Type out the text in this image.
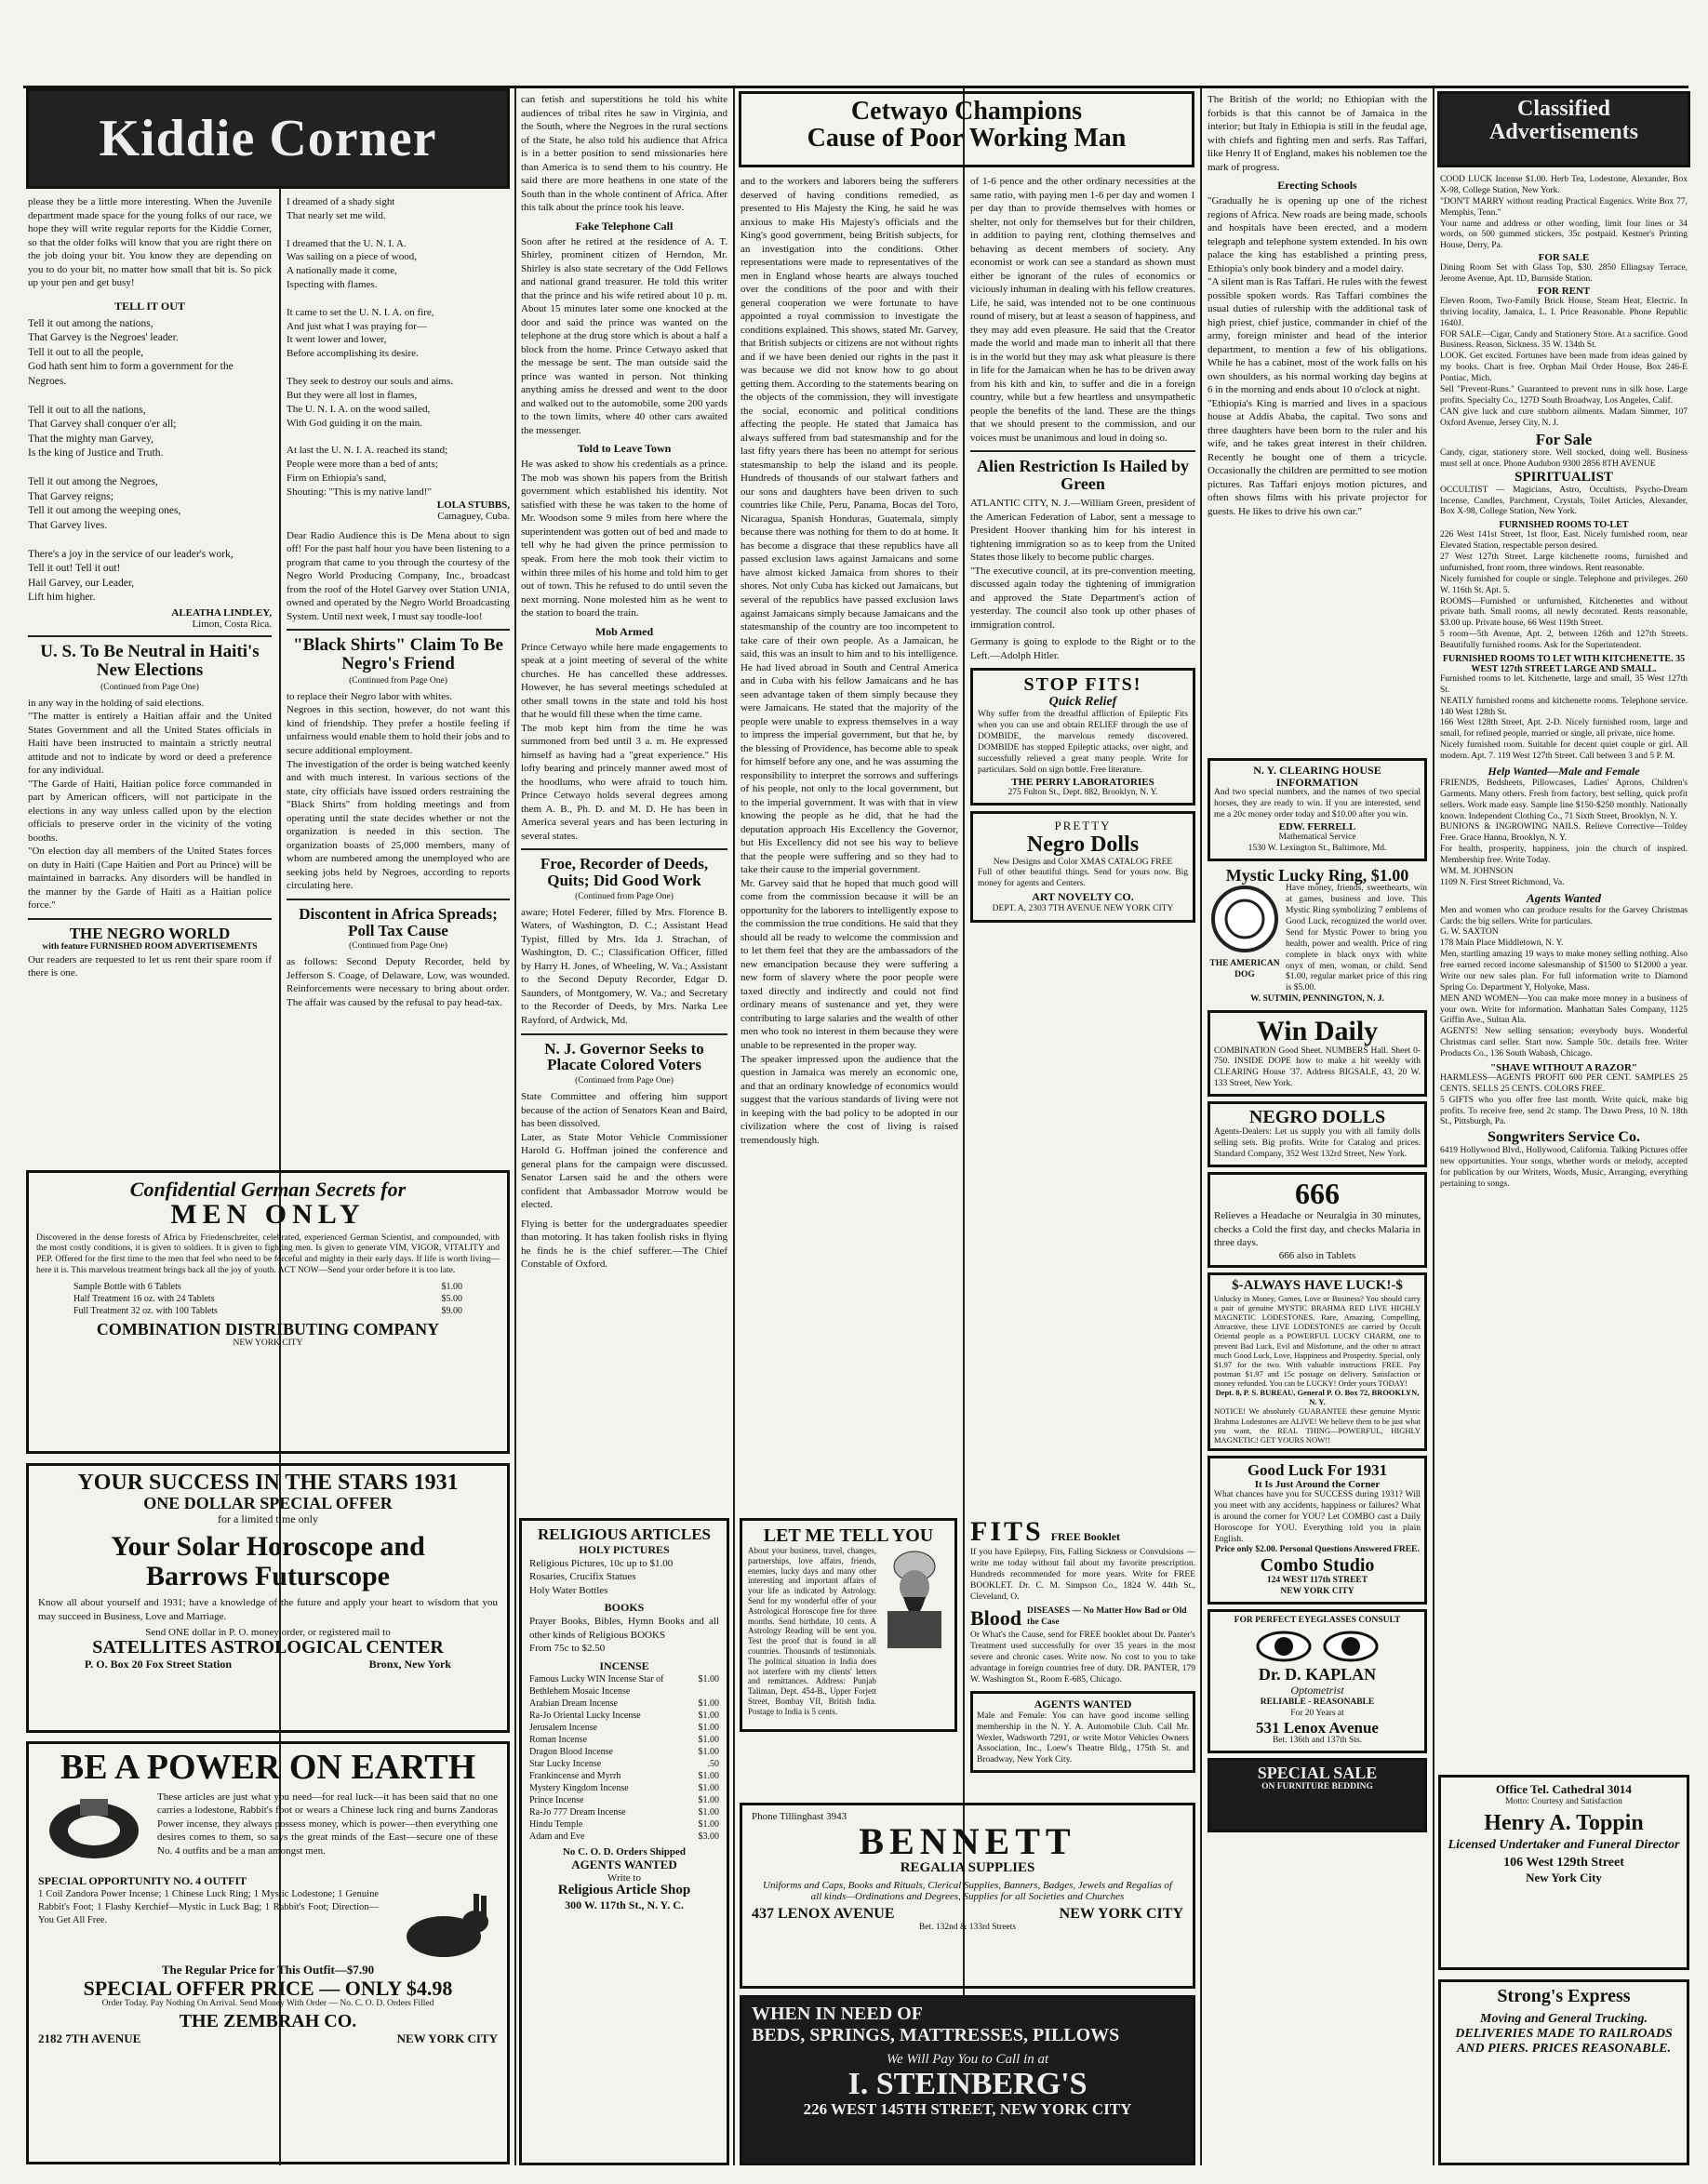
Kiddie Corner
please they be a little more interesting. When the Juvenile department made space for the young folks of our race, we hope they will write regular reports for the Kiddie Corner, so that the older folks will know that you are right there on the job doing your bit. You know they are depending on you to do your bit, no matter how small that bit is. So pick up your pen and get busy!
TELL IT OUT
Tell it out among the nations,
That Garvey is the Negroes' leader.
Tell it out to all the people,
God hath sent him to form a government for the Negroes.

Tell it out to all the nations,
That Garvey shall conquer o'er all;
That the mighty man Garvey,
Is the king of Justice and Truth.

Tell it out among the Negroes,
That Garvey reigns;
Tell it out among the weeping ones,
That Garvey lives.

There's a joy in the service of our leader's work,
Tell it out! Tell it out!
Hail Garvey, our Leader,
Lift him higher.
ALEATHA LINDLEY,
Limon, Costa Rica.
U. S. To Be Neutral in Haiti's New Elections
(Continued from Page One)
in any way in the holding of said elections.
"The matter is entirely a Haitian affair and the United States Government and all the United States officials in Haiti have been instructed to maintain a strictly neutral attitude and not to indicate by word or deed a preference for any individual.
"The Garde of Haiti, Haitian police force commanded in part by American officers, will not participate in the elections in any way unless called upon by the election officials to preserve order in the vicinity of the voting booths.
"On election day all members of the United States forces on duty in Haiti (Cape Haitien and Port au Prince) will be maintained in barracks. Any disorders will be handled in the manner by the Garde of Haiti as a Haitian police force."
THE NEGRO WORLD
with feature FURNISHED ROOM ADVERTISEMENTS
Our readers are requested to let us rent their spare room if there is one.
I dreamed of a shady sight
That nearly set me wild.

I dreamed that the U. N. I. A.
Was sailing on a piece of wood,
A nationally made it come,
Ispecting with flames.

It came to set the U. N. I. A. on fire,
And just what I was praying for—
It went lower and lower,
Before accomplishing its desire.

They seek to destroy our souls and aims.
But they were all lost in flames,
The U. N. I. A. on the wood sailed,
With God guiding it on the main.

At last the U. N. I. A. reached its stand;
People were more than a bed of ants;
Firm on Ethiopia's sand,
Shouting: "This is my native land!"
LOLA STUBBS,
Camaguey, Cuba.
Dear Radio Audience this is De Mena about to sign off! For the past half hour you have been listening to a program that came to you through the courtesy of the Negro World Producing Company, Inc., broadcast from the roof of the Hotel Garvey over Station UNIA, owned and operated by the Negro World Broadcasting System. Until next week, I must say toodle-loo!
"Black Shirts" Claim To Be Negro's Friend
(Continued from Page One)
to replace their Negro labor with whites.
Negroes in this section, however, do not want this kind of friendship. They prefer a hostile feeling if unfairness would enable them to hold their jobs and to secure additional employment.
The investigation of the order is being watched keenly and with much interest. In various sections of the state, city officials have issued orders restraining the "Black Shirts" from holding meetings and from operating until the state decides whether or not the organization is needed in this section. The organization boasts of 25,000 members, many of whom are numbered among the unemployed who are seeking jobs held by Negroes, according to reports circulating here.
Discontent in Africa Spreads; Poll Tax Cause
(Continued from Page One)
as follows: Second Deputy Recorder, held by Jefferson S. Coage, of Delaware, Low, was wounded. Reinforcements were necessary to bring about order. The affair was caused by the refusal to pay head-tax.
Confidential German Secrets for
MEN ONLY
Discovered in the dense forests of Africa by Friedenschreiter, celebrated, experienced German Scientist, and compounded, with the most costly conditions, it is given to soldiers. It is given to fighting men. Is given to generate VIM, VIGOR, VITALITY and PEP. Offered for the first time to the men that feel who need to be forceful and mighty in their early days. If life is worth living—here it is. This marvelous treatment brings back all the joy of youth. ACT NOW—Send your order before it is too late.
Sample Bottle with 6 Tablets	$1.00
Half Treatment 16 oz. with 24 Tablets	$5.00
Full Treatment 32 oz. with 100 Tablets	$9.00
COMBINATION DISTRIBUTING COMPANY
NEW YORK CITY
YOUR SUCCESS IN THE STARS 1931
ONE DOLLAR SPECIAL OFFER
for a limited time only
Your Solar Horoscope and Barrows Futurscope
Know all about yourself and 1931; have a knowledge of the future and apply your heart to wisdom that you may succeed in Business, Love and Marriage.
Send ONE dollar in P. O. money order, or registered mail to
SATELLITES ASTROLOGICAL CENTER
P. O. Box 20 Fox Street Station	Bronx, New York
BE A POWER ON EARTH
These articles are just what you need—for real luck—it has been said that no one carries a lodestone, Rabbit's foot or wears a Chinese luck ring and burns Zandoras Power incense, they always possess money, which is power—then everything one desires comes to them, so says the great minds of the East—secure one of these No. 4 outfits and be a man amongst men.
SPECIAL OPPORTUNITY NO. 4 OUTFIT
1 Coil Zandora Power Incense; 1 Chinese Luck Ring; 1 Mystic Lodestone; 1 Genuine Rabbit's Foot; 1 Flashy Kerchief—Mystic in Luck Bag; 1 Rabbit's Foot; Direction—You Get All Free.
The Regular Price for This Outfit—$7.90
SPECIAL OFFER PRICE — ONLY $4.98
Order Today. Pay Nothing On Arrival. Send Money With Order — No. C. O. D. Orders Filled
THE ZEMBRAH CO.
2182 7TH AVENUE	NEW YORK CITY
can fetish and superstitions he told his white audiences of tribal rites he saw in Virginia, and the South, where the Negroes in the rural sections of the State, he also told his audience that Africa is in a better position to send missionaries here than America is to send them to his country. He said there are more heathens in one state of the South than in the whole continent of Africa. After this talk about the prince took his leave.
Fake Telephone Call
Soon after he retired at the residence of A. T. Shirley, prominent citizen of Herndon, Mr. Shirley is also state secretary of the Odd Fellows and national grand treasurer. He told this writer that the prince and his wife retired about 10 p. m. About 15 minutes later some one knocked at the door and said the prince was wanted on the telephone at the drug store which is about a half a block from the home. Prince Cetwayo asked that the message be sent. The man outside said the prince was wanted in person. Not thinking anything amiss he dressed and went to the door and walked out to the automobile, some 200 yards to the town limits, where 40 other cars awaited the messenger.
Told to Leave Town
He was asked to show his credentials as a prince. The mob was shown his papers from the British government which established his identity. Not satisfied with these he was taken to the home of Mr. Woodson some 9 miles from here where the superintendent was gotten out of bed and made to tell why he had given the prince permission to speak. From here the mob took their victim to within three miles of his home and told him to get out of town. This he refused to do until seven the next morning. None molested him as he went to the station to board the train.
Mob Armed
Prince Cetwayo while here made engagements to speak at a joint meeting of several of the white churches. He has cancelled these addresses. However, he has several meetings scheduled at other small towns in the state and told his host that he would fill these when the time came.
The mob kept him from the time he was summoned from bed until 3 a. m. He expressed himself as having had a "great experience." His lofty bearing and princely manner awed most of the hoodlums, who were afraid to touch him. Prince Cetwayo holds several degrees among them A. B., Ph. D. and M. D. He has been in America several years and has been lecturing in several states.
Froe, Recorder of Deeds, Quits; Did Good Work
(Continued from Page One)
aware; Hotel Federer, filled by Mrs. Florence B. Waters, of Washington, D. C.; Assistant Head Typist, filled by Mrs. Ida J. Strachan, of Washington, D. C.; Classification Officer, filled by Harry H. Jones, of Wheeling, W. Va.; Assistant to the Second Deputy Recorder, Edgar D. Saunders, of Montgomery, W. Va.; and Secretary to the Recorder of Deeds, by Mrs. Narka Lee Rayford, of Ardwick, Md.
N. J. Governor Seeks to Placate Colored Voters
(Continued from Page One)
State Committee and offering him support because of the action of Senators Kean and Baird, has been dissolved.
Later, as State Motor Vehicle Commissioner Harold G. Hoffman joined the conference and general plans for the campaign were discussed. Senator Larsen said he and the others were confident that Ambassador Morrow would be elected.
Flying is better for the undergraduates speedier than motoring. It has taken foolish risks in flying he finds he is the chief sufferer.—The Chief Constable of Oxford.
RELIGIOUS ARTICLES
HOLY PICTURES
Religious Pictures, 10c up to $1.00
Rosaries, Crucifix Statues
Holy Water Bottles
BOOKS
Prayer Books, Bibles, Hymn Books and all other kinds of Religious BOOKS
From 75c to $2.50
INCENSE
Famous Lucky WIN Incense Star of Bethlehem Mosaic Incense
$1.00
Arabian Dream Incense	$1.00
Ra-Jo Oriental Lucky Incense	$1.00
Jerusalem Incense	$1.00
Roman Incense	$1.00
Dragon Blood Incense	$1.00
Star Lucky Incense	.50
Frankincense and Myrrh	$1.00
Mystery Kingdom Incense	$1.00
Prince Incense	$1.00
Ra-Jo 777 Dream Incense	$1.00
Hindu Temple	$1.00
Adam and Eve	$3.00
No C. O. D. Orders Shipped
AGENTS WANTED
Write to
Religious Article Shop
300 W. 117th St., N. Y. C.
Cetwayo Champions
Cause of Poor Working Man
and to the workers and laborers being the sufferers deserved of having conditions remedied, as presented to His Majesty the King, he said he was anxious to make His Majesty's officials and the King's good government, being British subjects, for an investigation into the conditions. Other representations were made to representatives of the men in England whose hearts are always touched over the conditions of the poor and with their general cooperation we were fortunate to have appointed a royal commission to investigate the conditions explained. This shows, stated Mr. Garvey, that British subjects or citizens are not without rights and if we have been denied our rights in the past it was because we did not know how to go about getting them. According to the statements bearing on the objects of the commission, they will investigate the social, economic and political conditions affecting the people. He stated that Jamaica has always suffered from bad statesmanship and for the last fifty years there has been no attempt for serious statesmanship to help the island and its people. Hundreds of thousands of our stalwart fathers and our sons and daughters have been driven to such countries like Chile, Peru, Panama, Bocas del Toro, Nicaragua, Spanish Honduras, Guatemala, simply because there was nothing for them to do at home. It has become a disgrace that these republics have all passed exclusion laws against Jamaicans and some have almost kicked Jamaica from shores to their shores. Not only Cuba has kicked out Jamaicans, but several of the republics have passed exclusion laws against Jamaicans simply because Jamaicans and the statesmanship of the country are too incompetent to take care of their own people. As a Jamaican, he said, this was an insult to him and to his intelligence. He had lived abroad in South and Central America and in Cuba with his fellow Jamaicans and he has seen advantage taken of them simply because they were Jamaicans. He stated that the majority of the people were unable to express themselves in a way to impress the imperial government, but that he, by the blessing of Providence, has become able to speak for himself before any one, and he was assuming the responsibility to interpret the sorrows and sufferings of his people, not only to the local government, but to the imperial government. It was with that in view knowing the people as he did, that he had the deputation approach His Excellency the Governor, but His Excellency did not see his way to believe that the people were suffering and so they had to take their cause to the imperial government.
Mr. Garvey said that he hoped that much good will come from the commission because it will be an opportunity for the laborers to intelligently expose to the commission the true conditions. He said that they should all be ready to welcome the commission and to let them feel that they are the ambassadors of the new emancipation because they were suffering a new form of slavery where the poor people were taxed directly and indirectly and could not find ordinary means of sustenance and yet, they were contributing to large salaries and the wealth of other men who took no interest in them because they were unable to be represented in the proper way.
The speaker impressed upon the audience that the question in Jamaica was merely an economic one, and that an ordinary knowledge of economics would suggest that the various standards of living were not in keeping with the bad policy to be adopted in our civilization where the cost of living is raised tremendously high.
LET ME TELL YOU
About your business, travel, changes, partnerships, love affairs, friends, enemies, lucky days and many other interesting and important affairs of your life as indicated by Astrology. Send for my wonderful offer of your Astrological Horoscope free for three months. Send birthdate, 10 cents. A Astrology Reading will be sent you. Test the proof that is found in all countries. Thousands of testimonials. The political situation in India does not interfere with my clients' letters and remittances. Address: Punjab Taliman, Dept. 454-B., Upper Forjett Street, Bombay VII, British India. Postage to India is 5 cents.
of 1-6 pence and the other ordinary necessities at the same ratio, with paying men 1-6 per day and women 1 per day than to provide themselves with homes or shelter, not only for themselves but for their children, in addition to paying rent, clothing themselves and behaving as decent members of society. Any economist or work can see a standard as shown must either be ignorant of the rules of economics or viciously inhuman in dealing with his fellow creatures.
Life, he said, was intended not to be one continuous round of misery, but at least a season of happiness, and they may add even pleasure. He said that the Creator made the world and made man to inherit all that there is in the world but they may ask what pleasure is there in life for the Jamaican when he has to be driven away from his kith and kin, to suffer and die in a foreign country, while but a few heartless and unsympathetic people the benefits of the land. These are the things that we should present to the commission, and our voices must be unanimous and loud in doing so.
Alien Restriction Is Hailed by Green
ATLANTIC CITY, N. J.—William Green, president of the American Federation of Labor, sent a message to President Hoover thanking him for his interest in tightening immigration so as to keep from the United States those likely to become public charges.
"The executive council, at its pre-convention meeting, discussed again today the tightening of immigration and approved the State Department's action of yesterday. The council also took up other phases of immigration control.
Germany is going to explode to the Right or to the Left.—Adolph Hitler.
STOP FITS!
Quick Relief
Why suffer from the dreadful affliction of Epileptic Fits when you can use and obtain RELIEF through the use of DOMBIDE, the marvelous remedy discovered. DOMBIDE has stopped Epileptic attacks, over night, and successfully relieved a great many people. Write for particulars. Sold on sign bottle. Free literature.
THE PERRY LABORATORIES
275 Fulton St., Dept. 882, Brooklyn, N. Y.
PRETTY
Negro Dolls
New Designs and Color XMAS CATALOG FREE
Full of other beautiful things. Send for yours now. Big money for agents and Centers.
ART NOVELTY CO.
DEPT. A, 2303 7TH AVENUE NEW YORK CITY
FITS FREE Booklet
If you have Epilepsy, Fits, Falling Sickness or Convulsions — write me today without fail about my favorite prescription. Hundreds recommended for more years. Write for FREE BOOKLET. Dr. C. M. Simpson Co., 1824 W. 44th St., Cleveland, O.
Blood DISEASES — No Matter How Bad or Old the Case
Or What's the Cause, send for FREE booklet about Dr. Panter's Treatment used successfully for over 35 years in the most severe and chronic cases. Write now. No cost to you to take advantage in foreign countries free of duty. DR. PANTER, 179 W. Washington St., Room E-685, Chicago.
AGENTS WANTED
Male and Female: You can have good income selling membership in the N. Y. A. Automobile Club. Call Mr. Wexler, Wadsworth 7291, or write Motor Vehicles Owners Association, Inc., Loew's Theatre Bldg., 175th St. and Broadway, New York City.
Phone Tillinghast 3943
BENNETT
REGALIA SUPPLIES
Uniforms and Caps, Books and Rituals, Clerical Supplies, Banners, Badges, Jewels and Regalias of all kinds—Ordinations and Degrees, Supplies for all Societies and Churches
437 LENOX AVENUE	NEW YORK CITY
Bet. 132nd & 133rd Streets
WHEN IN NEED OF
BEDS, SPRINGS, MATTRESSES, PILLOWS
We Will Pay You to Call in at
I. STEINBERG'S
226 WEST 145TH STREET, NEW YORK CITY
The British of the world; no Ethiopian with the forbids is that this cannot be of Jamaica in the interior; but Italy in Ethiopia is still in the feudal age, with chiefs and fighting men and serfs. Ras Taffari, like Henry II of England, makes his noblemen toe the mark of progress.
Erecting Schools
"Gradually he is opening up one of the richest regions of Africa. New roads are being made, schools and hospitals have been erected, and a modern telegraph and telephone system extended. In his own palace the king has established a printing press, Ethiopia's only book bindery and a model dairy.
"A silent man is Ras Taffari. He rules with the fewest possible spoken words. Ras Taffari combines the usual duties of rulership with the additional task of high priest, chief justice, commander in chief of the army, foreign minister and head of the interior department, to mention a few of his obligations. While he has a cabinet, most of the work falls on his own shoulders, as his normal working day begins at 6 in the morning and ends about 10 o'clock at night.
"Ethiopia's King is married and lives in a spacious house at Addis Ababa, the capital. Two sons and three daughters have been born to the ruler and his wife, and he takes great interest in their children. Recently he bought one of them a tricycle. Occasionally the children are permitted to see motion pictures. Ras Taffari enjoys motion pictures, and often shows films with his private projector for guests. He likes to drive his own car."
N. Y. CLEARING HOUSE INFORMATION
And two special numbers, and the names of two special horses, they are ready to win. If you are interested, send me a 20c money order today and $10.00 after you win.
EDW. FERRELL
Mathematical Service
1530 W. Lexington St., Baltimore, Md.
Mystic Lucky Ring, $1.00
THE AMERICAN DOG
Have money, friends, sweethearts, win at games, business and love. This Mystic Ring symbolizing 7 emblems of Good Luck, recognized the world over. Send for Mystic Power to bring you health, power and wealth. Price of ring complete in black onyx with white onyx of men, woman, or child. Send $1.00, regular market price of this ring is $5.00.
W. SUTMIN, PENNINGTON, N. J.
Win Daily
COMBINATION Good Sheet. NUMBERS Hall. Sheet 0-750. INSIDE DOPE how to make a hit weekly with CLEARING House '37. Address BIGSALE, 43, 20 W. 133 Street, New York.
NEGRO DOLLS
Agents-Dealers: Let us supply you with all family dolls selling sets. Big profits. Write for Catalog and prices. Standard Company, 352 West 132rd Street, New York.
666
Relieves a Headache or Neuralgia in 30 minutes, checks a Cold the first day, and checks Malaria in three days.
666 also in Tablets
$-ALWAYS HAVE LUCK!-$
Unlucky in Money, Games, Love or Business? You should carry a pair of genuine MYSTIC BRAHMA RED LIVE HIGHLY MAGNETIC LODESTONES. Rare, Amazing, Compelling, Attractive, these LIVE LODESTONES are carried by Occult Oriental people as a POWERFUL LUCKY CHARM, one to prevent Bad Luck, Evil and Misfortune, and the other to attract much Good Luck, Love, Happiness and Prosperity. Special, only $1.97 for the two. With valuable instructions FREE. Pay postman $1.97 and 15c postage on delivery. Satisfaction or money refunded. You can be LUCKY! Order yours TODAY!
Dept. 8, P. S. BUREAU, General P. O. Box 72, BROOKLYN, N. Y.
NOTICE! We absolutely GUARANTEE these genuine Mystic Brahma Lodestones are ALIVE! We believe them to be just what you want, the REAL THING—POWERFUL, HIGHLY MAGNETIC! GET YOURS NOW!!
Good Luck For 1931
It Is Just Around the Corner
What chances have you for SUCCESS during 1931? Will you meet with any accidents, happiness or failures? What is around the corner for YOU? Let COMBO cast a Daily Horoscope for YOU. Everything told you in plain English.
Price only $2.00. Personal Questions Answered FREE.
Combo Studio
124 WEST 117th STREET
NEW YORK CITY
FOR PERFECT EYEGLASSES CONSULT
Dr. D. KAPLAN
Optometrist
RELIABLE - REASONABLE
For 20 Years at
531 Lenox Avenue
Bet. 136th and 137th Sts.
SPECIAL SALE
ON FURNITURE BEDDING
Classified Advertisements
COOD LUCK Incense $1.00. Herb Tea, Lodestone, Alexander, Box X-98, College Station, New York.
"DON'T MARRY without reading Practical Eugenics. Write Box 77, Memphis, Tenn."
Your name and address or other wording, limit four lines or 34 words, on 500 gummed stickers, 35c postpaid. Kestner's Printing House, Derry, Pa.
FOR SALE
Dining Room Set with Glass Top, $30. 2850 Ellingsay Terrace, Jerome Avenue, Apt. 1D, Burnside Station.
FOR RENT
Eleven Room, Two-Family Brick House, Steam Heat, Electric. In thriving locality, Jamaica, L. I. Price Reasonable. Phone Republic 1640J.
FOR SALE—Cigar, Candy and Stationery Store. At a sacrifice. Good Business. Reason, Sickness. 35 W. 134th St.
LOOK. Get excited. Fortunes have been made from ideas gained by my books. Chart is free. Orphan Mail Order House, Box 246-E Pontiac, Mich.
Sell "Prevent-Runs." Guaranteed to prevent runs in silk hose. Large profits. Specialty Co., 127D South Broadway, Los Angeles, Calif.
CAN give luck and cure stubborn ailments. Madam Simmer, 107 Oxford Avenue, Jersey City, N. J.
For Sale
Candy, cigar, stationery store. Well stocked, doing well. Business must sell at once. Phone Audubon 9300 2856 8TH AVENUE
SPIRITUALIST
OCCULTIST — Magicians, Astro, Occultists, Psycho-Dream Incense, Candles, Parchment, Crystals, Toilet Articles, Alexander, Box X-98, College Station, New York.
FURNISHED ROOMS TO-LET
226 West 141st Street, 1st floor, East. Nicely furnished room, near Elevated Station, respectable person desired.
27 West 127th Street. Large kitchenette rooms, furnished and unfurnished, front room, three windows. Rent reasonable.
Nicely furnished for couple or single. Telephone and privileges. 260 W. 116th St. Apt. 5.
ROOMS—Furnished or unfurnished, Kitchenettes and without private bath. Small rooms, all newly decorated. Rents reasonable, $3.00 up. Private house, 66 West 119th Street.
5 room—5th Avenue, Apt. 2, between 126th and 127th Streets. Beautifully furnished rooms. Ask for the Superintendent.
FURNISHED ROOMS TO LET WITH KITCHENETTE. 35 WEST 127th STREET LARGE AND SMALL.
Furnished rooms to let. Kitchenette, large and small, 35 West 127th St.
NEATLY furnished rooms and kitchenette rooms. Telephone service. 140 West 128th St.
166 West 128th Street, Apt. 2-D. Nicely furnished room, large and small, for refined people, married or single, all private, nice home.
Nicely furnished room. Suitable for decent quiet couple or girl. All modern. Apt. 7. 119 West 127th Street. Call between 3 and 5 P. M.
Help Wanted—Male and Female
FRIENDS, Bedsheets, Pillowcases, Ladies' Aprons, Children's Garments. Many others. Fresh from factory, best selling, quick profit sellers. Work made easy. Sample line $150-$250 monthly. Nationally known. Independent Clothing Co., 71 Sixth Street, Brooklyn, N. Y.
BUNIONS & INGROWING NAILS. Relieve Corrective—Toldey Free. Grace Hanna, Brooklyn, N. Y.
For health, prosperity, happiness, join the church of inspired. Membership free. Write Today.
WM. M. JOHNSON
1109 N. First Street Richmond, Va.
Agents Wanted
Men and women who can produce results for the Garvey Christmas Cards: the big sellers. Write for particulars.
G. W. SAXTON
178 Main Place Middletown, N. Y.
Men, startling amazing 19 ways to make money selling nothing. Also free earned record income salesmanship of $1500 to $12000 a year. Write our new sales plan. For full information write to Diamond Spring Co. Department Y, Holyoke, Mass.
MEN AND WOMEN—You can make more money in a business of your own. Write for information. Manhattan Sales Company, 1125 Griffin Ave., Sultan Ala.
AGENTS! New selling sensation; everybody buys. Wonderful Christmas card seller. Start now. Sample 50c. details free. Writer Products Co., 136 South Wabash, Chicago.
"SHAVE WITHOUT A RAZOR"
HARMLESS—AGENTS PROFIT 600 PER CENT. SAMPLES 25 CENTS. SELLS 25 CENTS. COLORS FREE.
5 GIFTS who you offer free last month. Write quick, make big profits. To receive free, send 2c stamp. The Dawn Press, 10 N. 18th St., Pittsburgh, Pa.
Songwriters Service Co.
6419 Hollywood Blvd., Hollywood, California. Talking Pictures offer new opportunities. Your songs, whether words or melody, accepted for publication by our Writers, Words, Music, Arranging, everything pertaining to songs.
Office Tel. Cathedral 3014
Motto: Courtesy and Satisfaction
Henry A. Toppin
Licensed Undertaker and Funeral Director
106 West 129th Street
New York City
Strong's Express
Moving and General Trucking. DELIVERIES MADE TO RAILROADS AND PIERS. PRICES REASONABLE.
